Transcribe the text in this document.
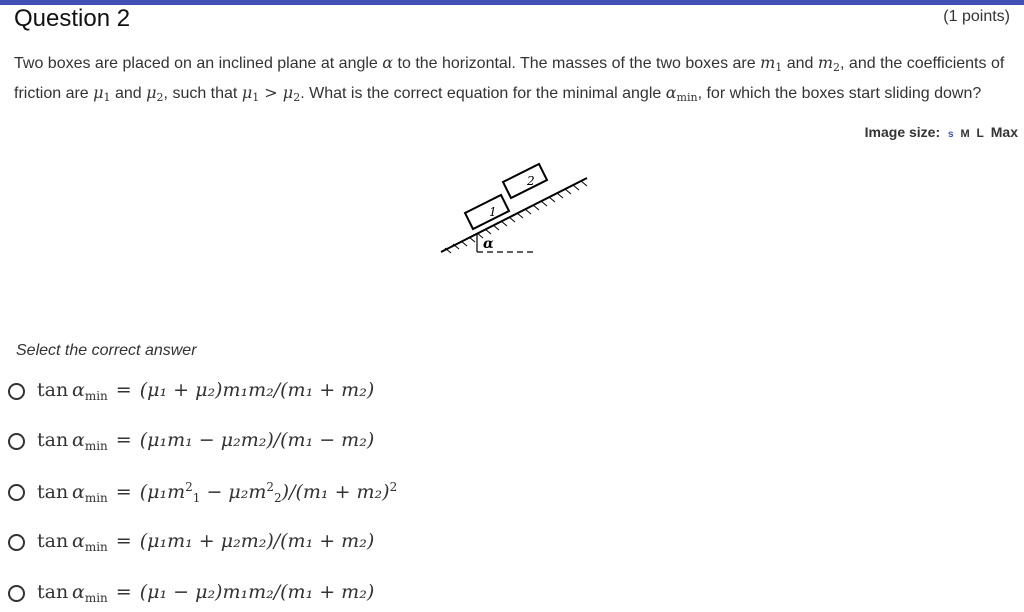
Question 2	(1 points)
Two boxes are placed on an inclined plane at angle α to the horizontal. The masses of the two boxes are $m_1$ and $m_2$, and the coefficients of friction are $\mu_1$ and $\mu_2$, such that $\mu_1 > \mu_2$. What is the correct equation for the minimal angle $\alpha_{min}$, for which the boxes start sliding down?
Image size: s M L Max
1
2
α
Select the correct answer
$\tan \alpha_{min} = (\mu_1 + \mu_2)m_1m_2/(m_1 + m_2)$
$\tan \alpha_{min} = (\mu_1m_1 - \mu_2m_2)/(m_1 - m_2)$
$\tan \alpha_{min} = (\mu_1m^2_1 - \mu_2m^2_2)/(m_1 + m_2)^2$
$\tan \alpha_{min} = (\mu_1m_1 + \mu_2m_2)/(m_1 + m_2)$
$\tan \alpha_{min} = (\mu_1 - \mu_2)m_1m_2/(m_1 + m_2)$
